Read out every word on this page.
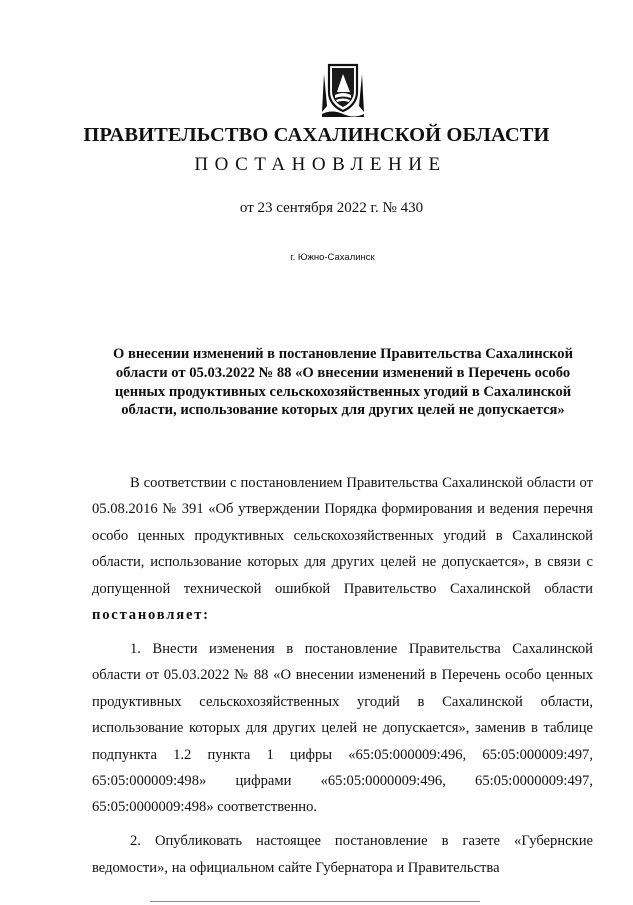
ПРАВИТЕЛЬСТВО САХАЛИНСКОЙ ОБЛАСТИ
ПОСТАНОВЛЕНИЕ
от 23 сентября 2022 г. № 430
г. Южно-Сахалинск
О внесении изменений в постановление Правительства Сахалинской области от 05.03.2022 № 88 «О внесении изменений в Перечень особо ценных продуктивных сельскохозяйственных угодий в Сахалинской области, использование которых для других целей не допускается»

В соответствии с постановлением Правительства Сахалинской области от 05.08.2016 № 391 «Об утверждении Порядка формирования и ведения перечня особо ценных продуктивных сельскохозяйственных угодий в Сахалинской области, использование которых для других целей не допускается», в связи с допущенной технической ошибкой Правительство Сахалинской области постановляет:

1. Внести изменения в постановление Правительства Сахалинской области от 05.03.2022 № 88 «О внесении изменений в Перечень особо ценных продуктивных сельскохозяйственных угодий в Сахалинской области, использование которых для других целей не допускается», заменив в таблице подпункта 1.2 пункта 1 цифры «65:05:000009:496, 65:05:000009:497, 65:05:000009:498» цифрами «65:05:0000009:496, 65:05:0000009:497, 65:05:0000009:498» соответственно.

2. Опубликовать настоящее постановление в газете «Губернские ведомости», на официальном сайте Губернатора и Правительства
